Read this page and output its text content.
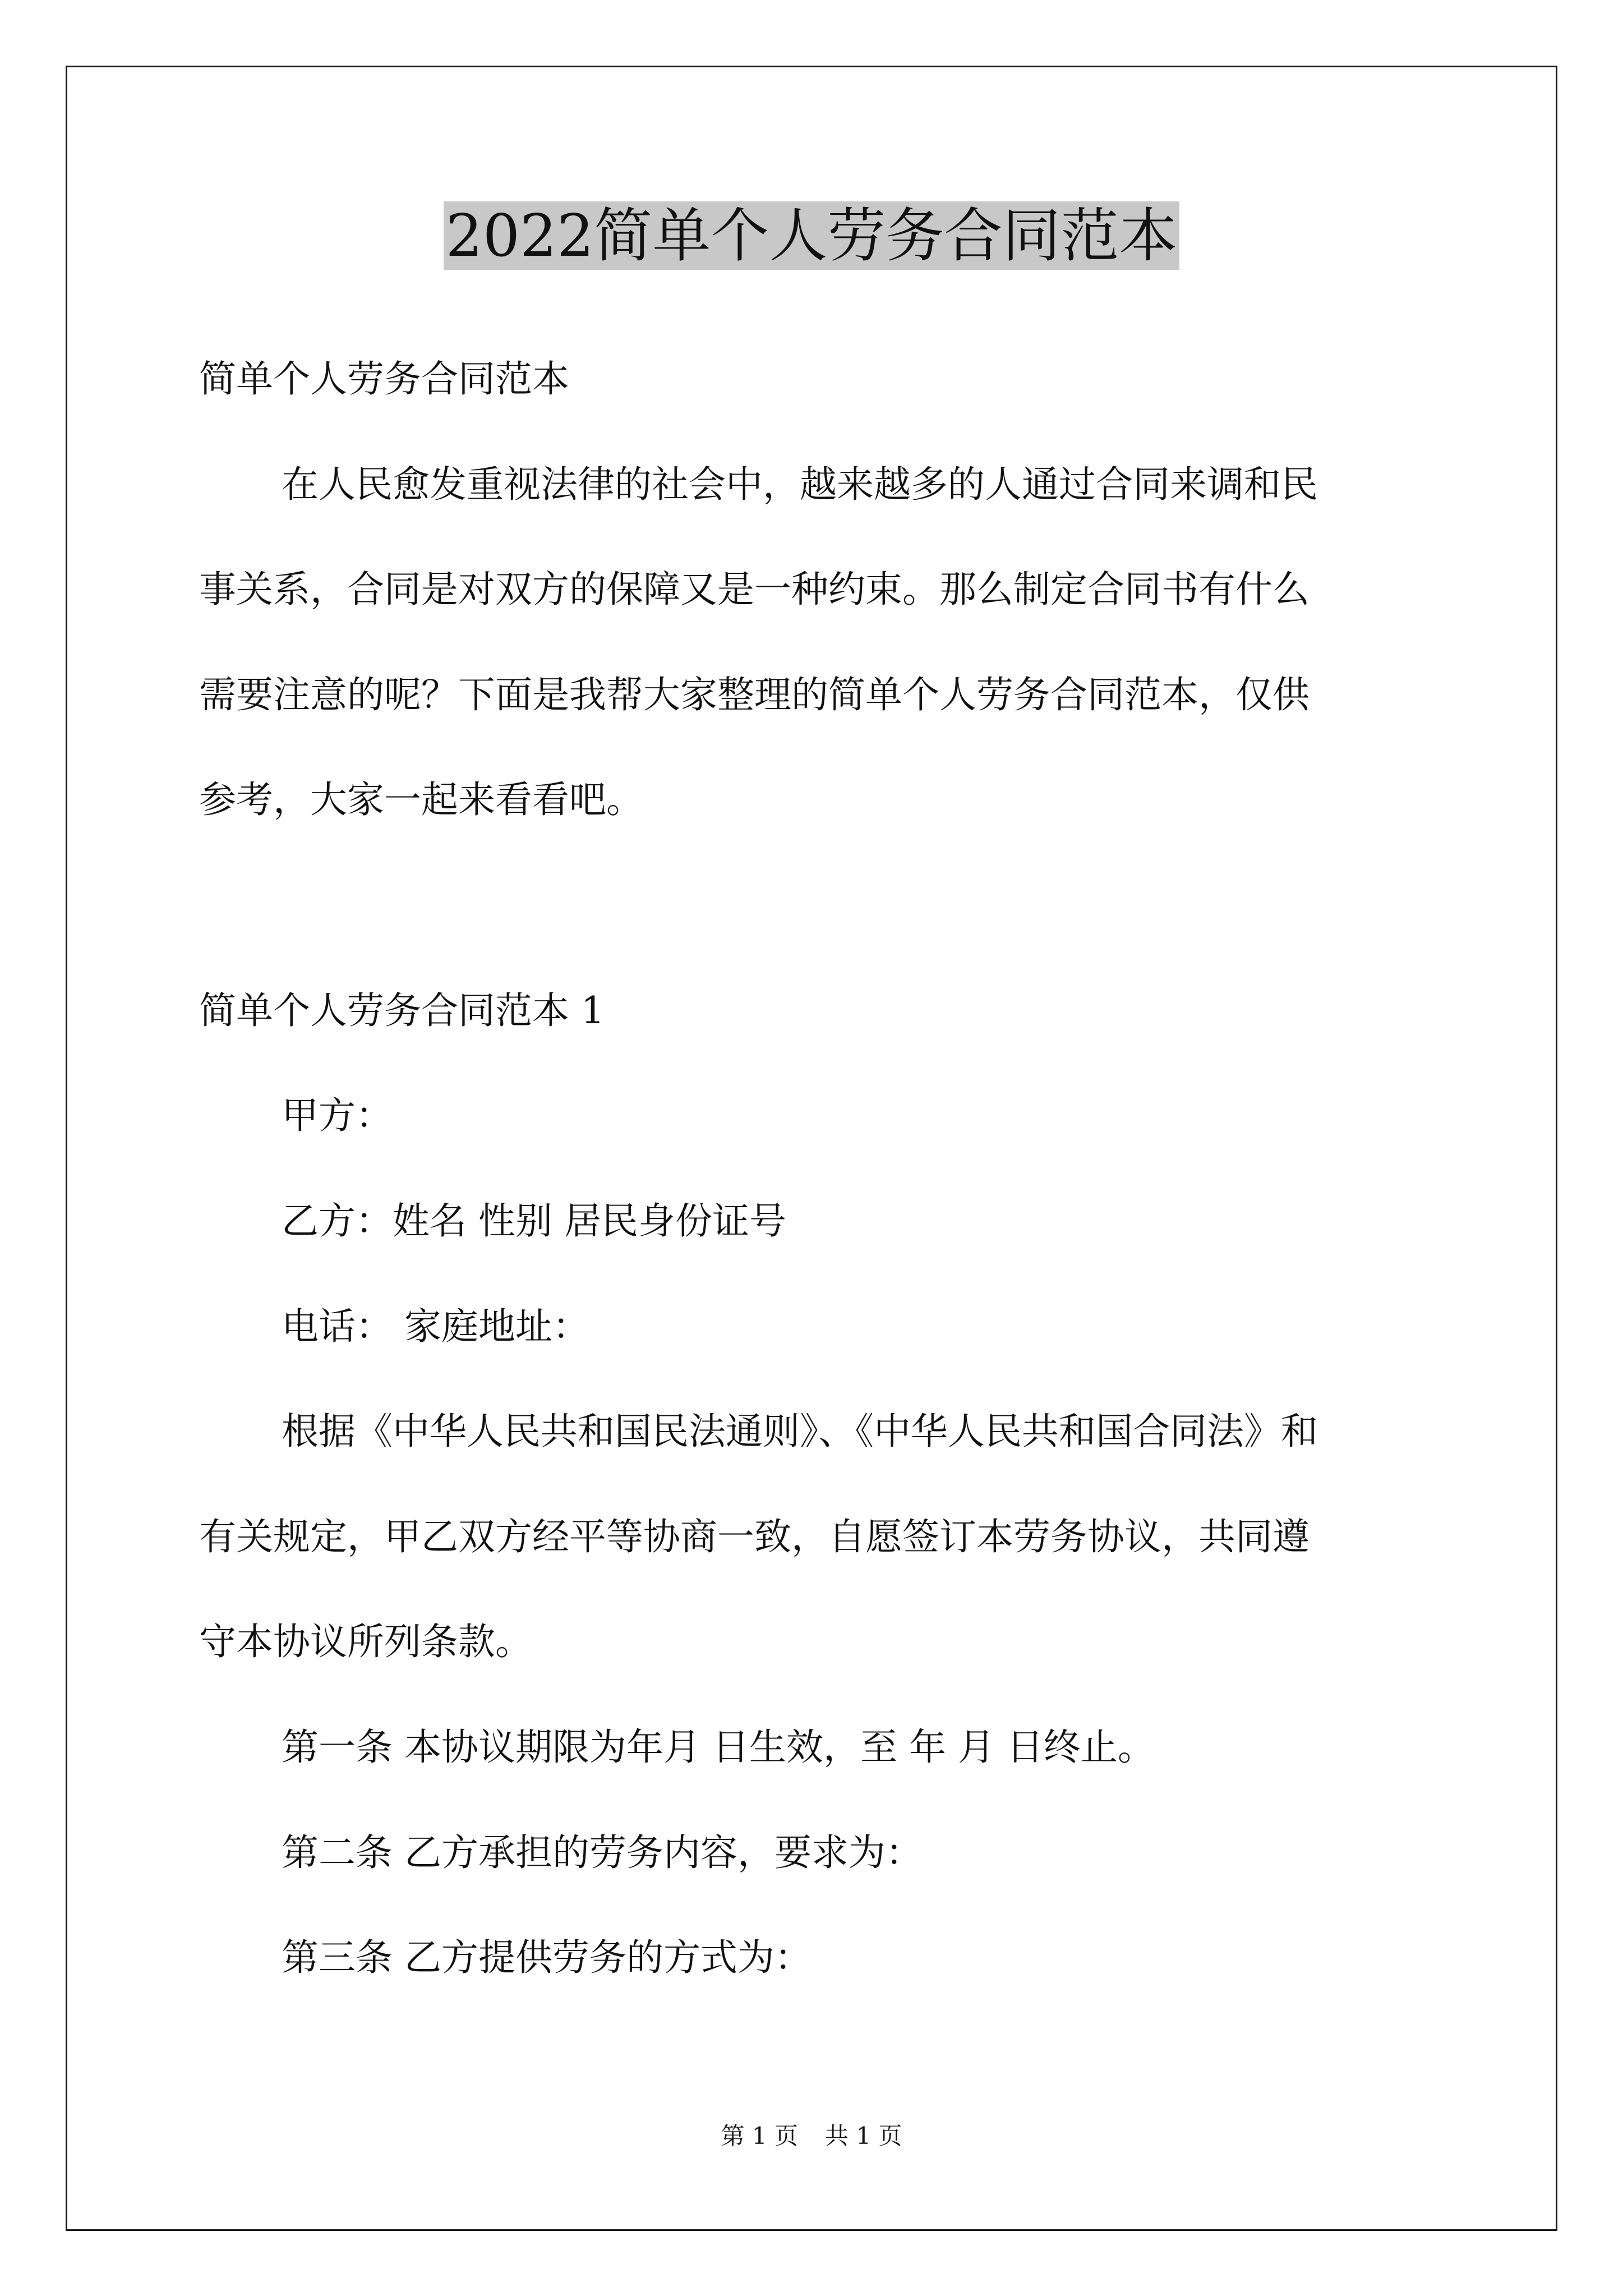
2022简单个人劳务合同范本

简单个人劳务合同范本

在人民愈发重视法律的社会中，越来越多的人通过合同来调和民

事关系，合同是对双方的保障又是一种约束。那么制定合同书有什么

需要注意的呢？下面是我帮大家整理的简单个人劳务合同范本，仅供

参考，大家一起来看看吧。

简单个人劳务合同范本 1

甲方：

乙方：姓名 性别 居民身份证号

电话： 家庭地址：

根据《中华人民共和国民法通则》、《中华人民共和国合同法》和

有关规定，甲乙双方经平等协商一致，自愿签订本劳务协议，共同遵

守本协议所列条款。

第一条 本协议期限为年月 日生效，至 年 月 日终止。

第二条 乙方承担的劳务内容，要求为：

第三条 乙方提供劳务的方式为：

第 1 页 共 1 页
